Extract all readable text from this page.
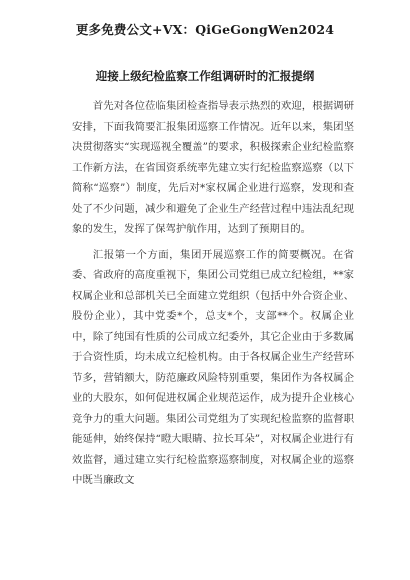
更多免费公文+VX：QiGeGongWen2024
迎接上级纪检监察工作组调研时的汇报提纲

首先对各位莅临集团检查指导表示热烈的欢迎，根据调研安排，下面我简要汇报集团巡察工作情况。近年以来，集团坚决贯彻落实“实现巡视全覆盖”的要求，积极探索企业纪检监察工作新方法，在省国资系统率先建立实行纪检监察巡察（以下简称“巡察”）制度，先后对*家权属企业进行巡察，发现和查处了不少问题，减少和避免了企业生产经营过程中违法乱纪现象的发生，发挥了保驾护航作用，达到了预期目的。

汇报第一个方面，集团开展巡察工作的简要概况。在省委、省政府的高度重视下，集团公司党组已成立纪检组，**家权属企业和总部机关已全面建立党组织（包括中外合资企业、股份企业），其中党委*个，总支*个，支部**个。权属企业中，除了纯国有性质的公司成立纪委外，其它企业由于多数属于合资性质，均未成立纪检机构。由于各权属企业生产经营环节多，营销额大，防范廉政风险特别重要，集团作为各权属企业的大股东，如何促进权属企业规范运作，成为提升企业核心竞争力的重大问题。集团公司党组为了实现纪检监察的监督职能延伸，始终保持“瞪大眼睛、拉长耳朵”，对权属企业进行有效监督，通过建立实行纪检监察巡察制度，对权属企业的巡察中既当廉政文
